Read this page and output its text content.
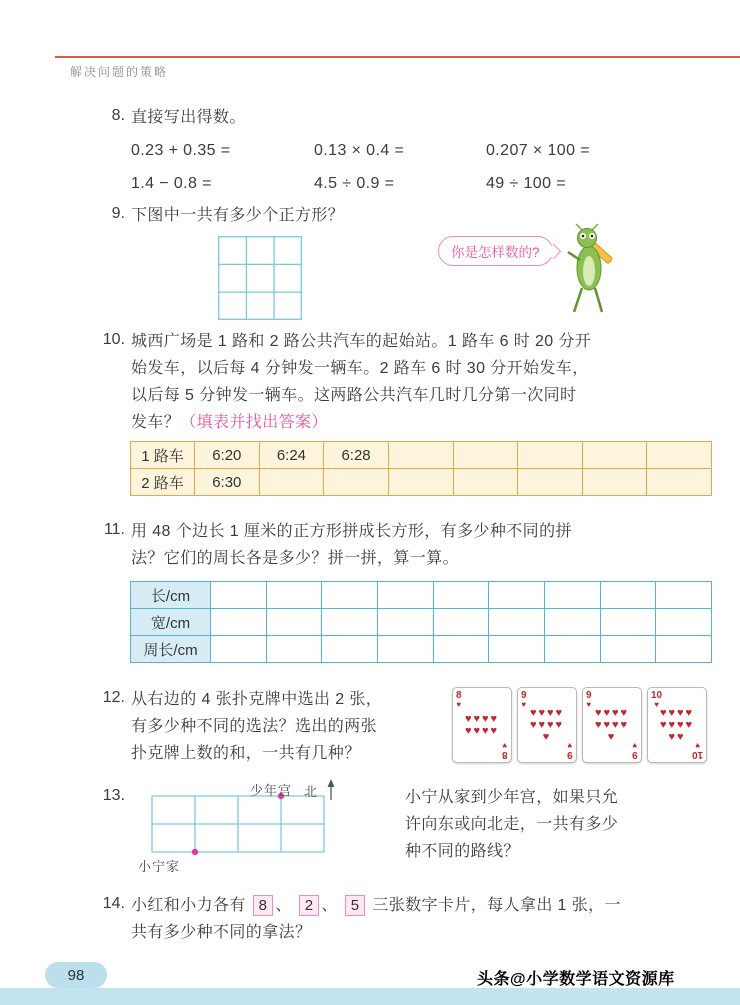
解决问题的策略
8. 直接写出得数。
0.23 + 0.35 =	0.13 × 0.4 =	0.207 × 100 =
1.4 − 0.8 =	4.5 ÷ 0.9 =	49 ÷ 100 =
9. 下图中一共有多少个正方形？
你是怎样数的?
10. 城西广场是 1 路和 2 路公共汽车的起始站。1 路车 6 时 20 分开
始发车，以后每 4 分钟发一辆车。2 路车 6 时 30 分开始发车，
以后每 5 分钟发一辆车。这两路公共汽车几时几分第一次同时
发车？（填表并找出答案）
1 路车	6:20	6:24	6:28					
2 路车	6:30							
11. 用 48 个边长 1 厘米的正方形拼成长方形，有多少种不同的拼
法？它们的周长各是多少？拼一拼，算一算。
长/cm									
宽/cm									
周长/cm									
12. 从右边的 4 张扑克牌中选出 2 张，
有多少种不同的选法？选出的两张
扑克牌上数的和，一共有几种？
8
♥
♥♥♥♥♥♥♥♥
8
♥
9
♥
♥♥♥♥♥♥♥♥♥
9
♥
9
♥
♥♥♥♥♥♥♥♥♥
9
♥
10
♥
♥♥♥♥♥♥♥♥♥♥
10
♥
13.	少年宫 北
小宁家
小宁从家到少年宫，如果只允
许向东或向北走，一共有多少
种不同的路线？
14. 小红和小力各有 8 、 2 、 5 三张数字卡片，每人拿出 1 张，一
共有多少种不同的拿法？
98	头条@小学数学语文资源库
